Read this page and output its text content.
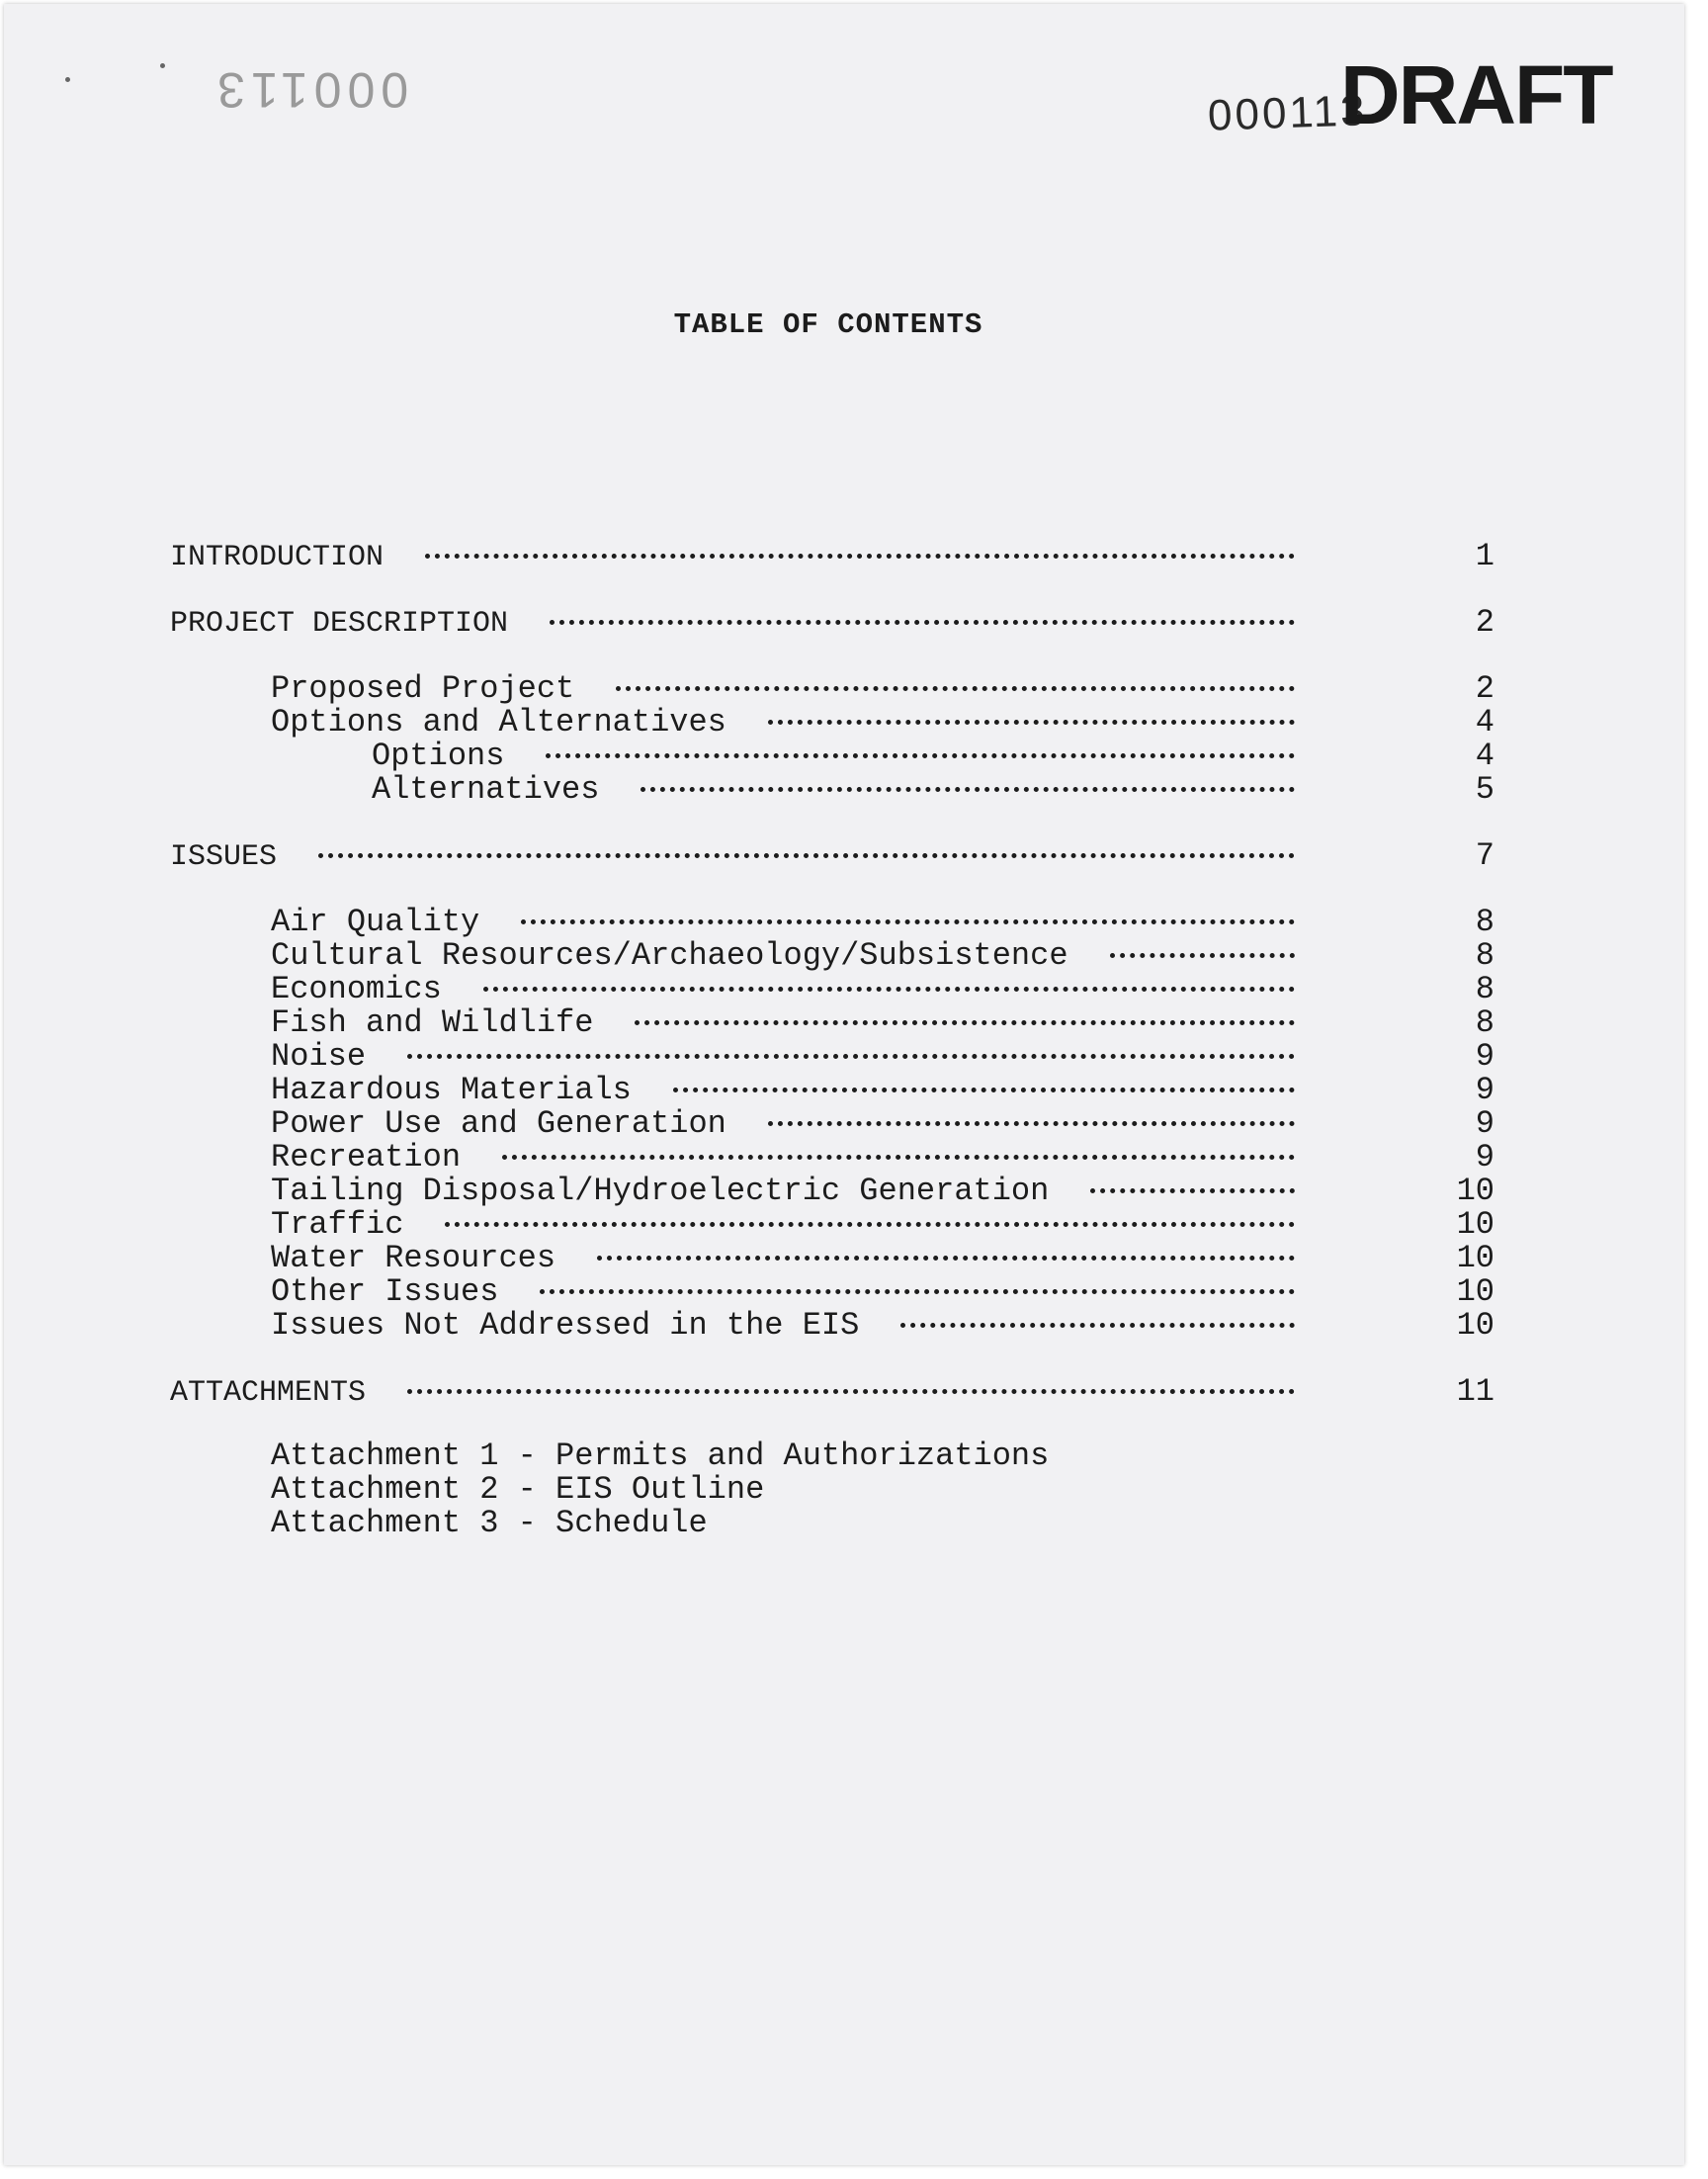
000113	000113
DRAFT
TABLE OF CONTENTS
INTRODUCTION	1
PROJECT DESCRIPTION	2
Proposed Project	2
Options and Alternatives	4
Options	4
Alternatives	5
ISSUES	7
Air Quality	8
Cultural Resources/Archaeology/Subsistence	8
Economics	8
Fish and Wildlife	8
Noise	9
Hazardous Materials	9
Power Use and Generation	9
Recreation	9
Tailing Disposal/Hydroelectric Generation	10
Traffic	10
Water Resources	10
Other Issues	10
Issues Not Addressed in the EIS	10
ATTACHMENTS	11
Attachment 1 - Permits and Authorizations
Attachment 2 - EIS Outline
Attachment 3 - Schedule
